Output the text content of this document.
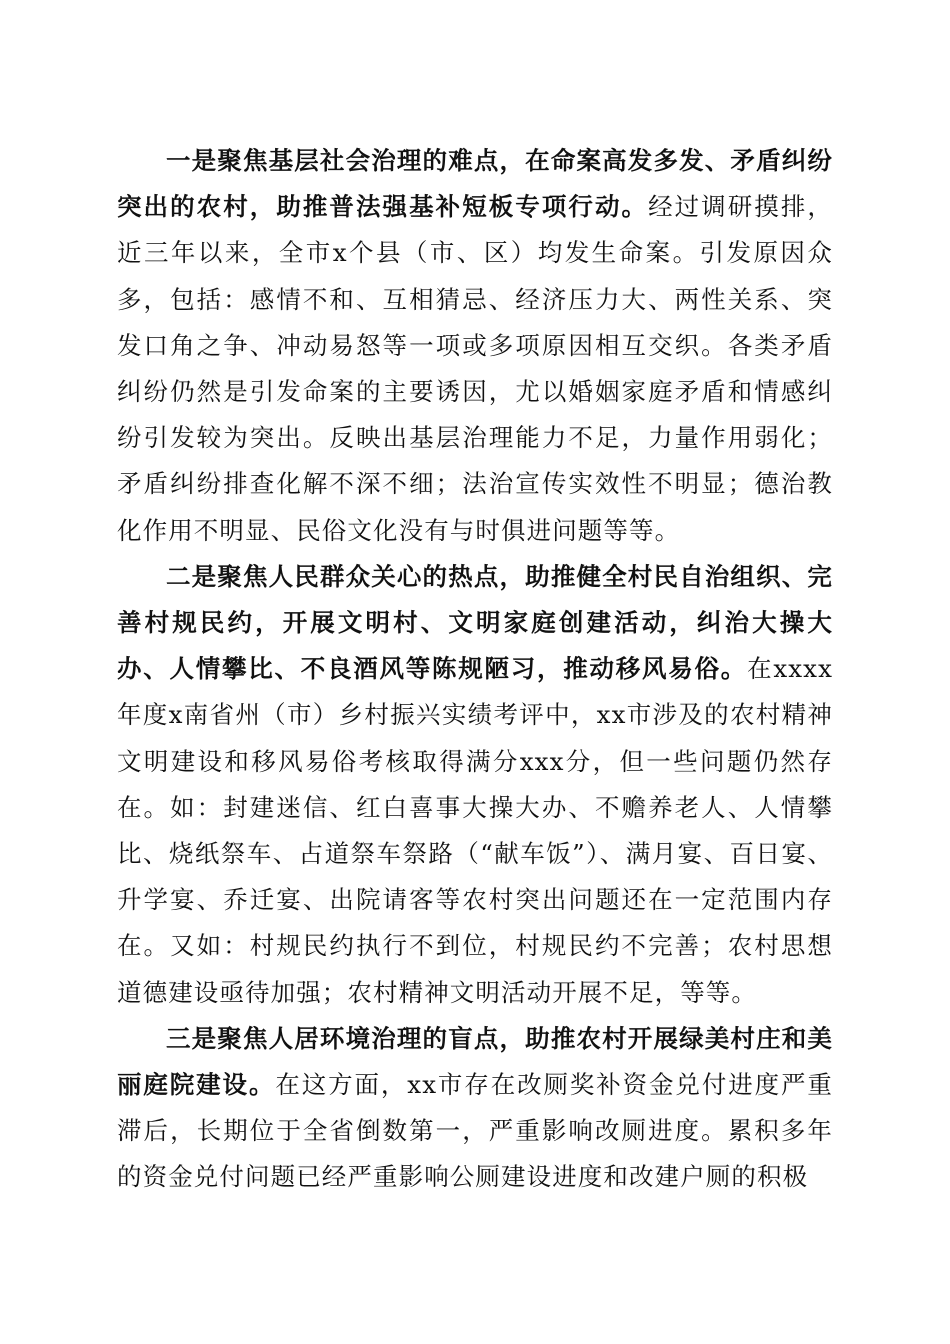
一是聚焦基层社会治理的难点，在命案高发多发、矛盾纠纷突出的农村，助推普法强基补短板专项行动。经过调研摸排，近三年以来，全市x个县（市、区）均发生命案。引发原因众多，包括：感情不和、互相猜忌、经济压力大、两性关系、突发口角之争、冲动易怒等一项或多项原因相互交织。各类矛盾纠纷仍然是引发命案的主要诱因，尤以婚姻家庭矛盾和情感纠纷引发较为突出。反映出基层治理能力不足，力量作用弱化；矛盾纠纷排查化解不深不细；法治宣传实效性不明显；德治教化作用不明显、民俗文化没有与时俱进问题等等。

二是聚焦人民群众关心的热点，助推健全村民自治组织、完善村规民约，开展文明村、文明家庭创建活动，纠治大操大办、人情攀比、不良酒风等陈规陋习，推动移风易俗。在xxxx年度x南省州（市）乡村振兴实绩考评中，xx市涉及的农村精神文明建设和移风易俗考核取得满分xxx分，但一些问题仍然存在。如：封建迷信、红白喜事大操大办、不赡养老人、人情攀比、烧纸祭车、占道祭车祭路（“献车饭”）、满月宴、百日宴、升学宴、乔迁宴、出院请客等农村突出问题还在一定范围内存在。又如：村规民约执行不到位，村规民约不完善；农村思想道德建设亟待加强；农村精神文明活动开展不足，等等。

三是聚焦人居环境治理的盲点，助推农村开展绿美村庄和美丽庭院建设。在这方面，xx市存在改厕奖补资金兑付进度严重滞后，长期位于全省倒数第一，严重影响改厕进度。累积多年的资金兑付问题已经严重影响公厕建设进度和改建户厕的积极
